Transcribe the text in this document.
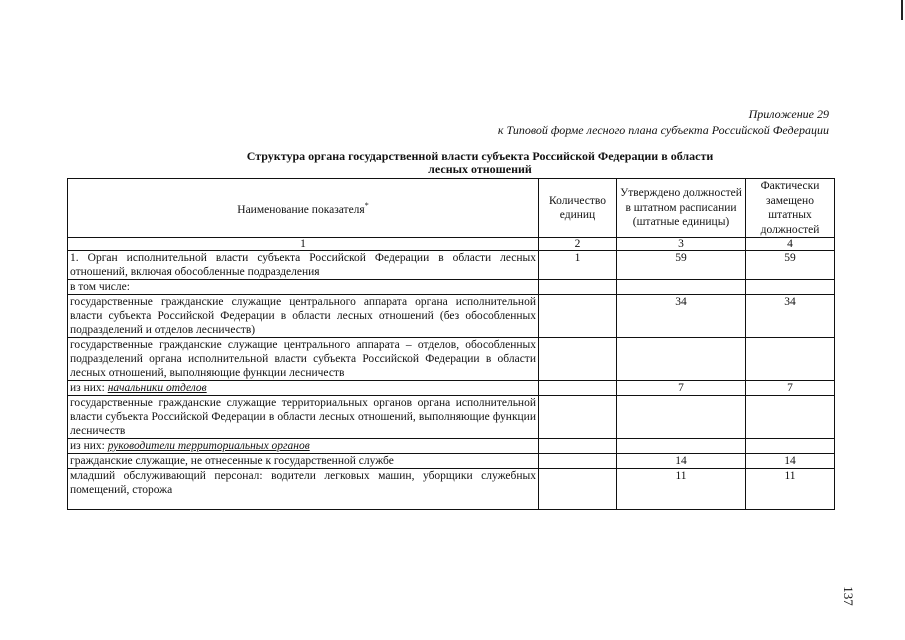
Приложение 29
к Типовой форме лесного плана субъекта Российской Федерации
Структура органа государственной власти субъекта Российской Федерации в области
лесных отношений
Наименование показателя*	Количество единиц	Утверждено должностей в штатном расписании (штатные единицы)	Фактически замещено штатных должностей
1	2	3	4
1. Орган исполнительной власти субъекта Российской Федерации в области лесных отношений, включая обособленные подразделения	1	59	59
в том числе:			
государственные гражданские служащие центрального аппарата органа исполнительной власти субъекта Российской Федерации в области лесных отношений (без обособленных подразделений и отделов лесничеств)		34	34
государственные гражданские служащие центрального аппарата – отделов, обособленных подразделений органа исполнительной власти субъекта Российской Федерации в области лесных отношений, выполняющие функции лесничеств			
из них: начальники отделов		7	7
государственные гражданские служащие территориальных органов органа исполнительной власти субъекта Российской Федерации в области лесных отношений, выполняющие функции лесничеств			
из них: руководители территориальных органов			
гражданские служащие, не отнесенные к государственной службе		14	14
младший обслуживающий персонал: водители легковых машин, уборщики служебных помещений, сторожа		11	11
137
